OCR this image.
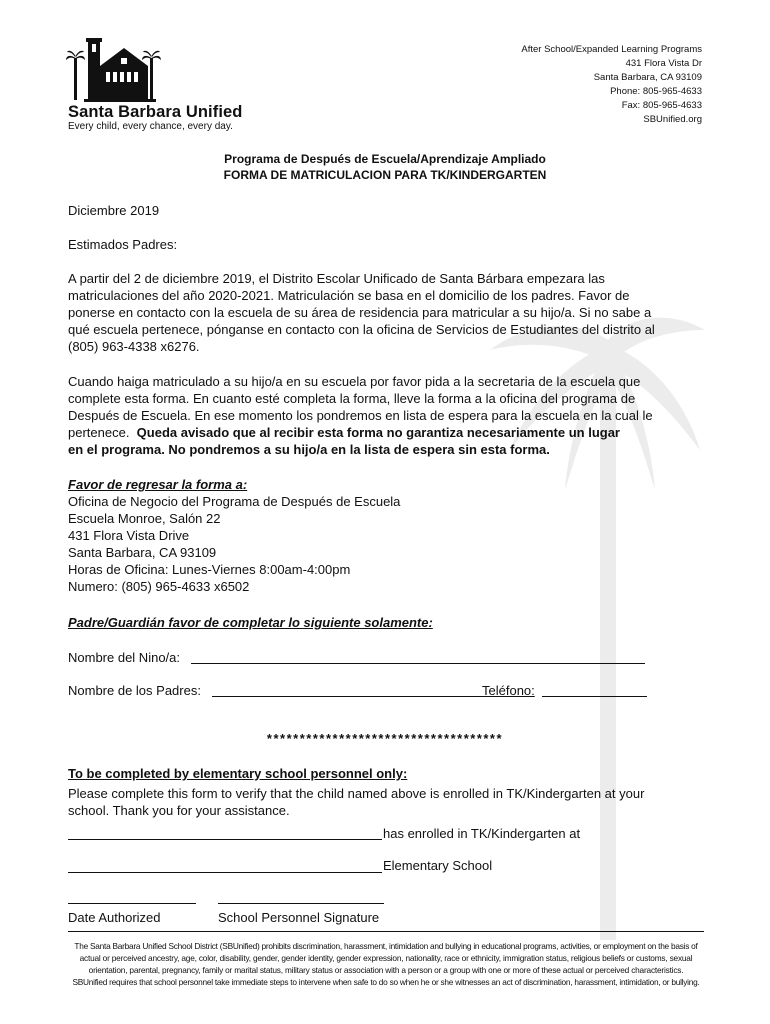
Santa Barbara Unified
Every child, every chance, every day.
After School/Expanded Learning Programs
431 Flora Vista Dr
Santa Barbara, CA 93109
Phone: 805-965-4633
Fax: 805-965-4633
SBUnified.org
Programa de Después de Escuela/Aprendizaje Ampliado
FORMA DE MATRICULACION PARA TK/KINDERGARTEN
Diciembre 2019
Estimados Padres:
A partir del 2 de diciembre 2019, el Distrito Escolar Unificado de Santa Bárbara empezara las
matriculaciones del año 2020-2021. Matriculación se basa en el domicilio de los padres. Favor de
ponerse en contacto con la escuela de su área de residencia para matricular a su hijo/a. Si no sabe a
qué escuela pertenece, pónganse en contacto con la oficina de Servicios de Estudiantes del distrito al
(805) 963-4338 x6276.
Cuando haiga matriculado a su hijo/a en su escuela por favor pida a la secretaria de la escuela que
complete esta forma. En cuanto esté completa la forma, lleve la forma a la oficina del programa de
Después de Escuela. En ese momento los pondremos en lista de espera para la escuela en la cual le
pertenece.  Queda avisado que al recibir esta forma no garantiza necesariamente un lugar
en el programa. No pondremos a su hijo/a en la lista de espera sin esta forma.
Favor de regresar la forma a:
Oficina de Negocio del Programa de Después de Escuela
Escuela Monroe, Salón 22
431 Flora Vista Drive
Santa Barbara, CA 93109
Horas de Oficina: Lunes-Viernes 8:00am-4:00pm
Numero: (805) 965-4633 x6502
Padre/Guardián favor de completar lo siguiente solamente:
Nombre del Nino/a:
Nombre de los Padres:	Teléfono:
************************************
To be completed by elementary school personnel only:
Please complete this form to verify that the child named above is enrolled in TK/Kindergarten at your
school. Thank you for your assistance.
has enrolled in TK/Kindergarten at
Elementary School
Date Authorized	School Personnel Signature
The Santa Barbara Unified School District (SBUnified) prohibits discrimination, harassment, intimidation and bullying in educational programs, activities, or employment on the basis of
actual or perceived ancestry, age, color, disability, gender, gender identity, gender expression, nationality, race or ethnicity, immigration status, religious beliefs or customs, sexual
orientation, parental, pregnancy, family or marital status, military status or association with a person or a group with one or more of these actual or perceived characteristics.
SBUnified requires that school personnel take immediate steps to intervene when safe to do so when he or she witnesses an act of discrimination, harassment, intimidation, or bullying.
